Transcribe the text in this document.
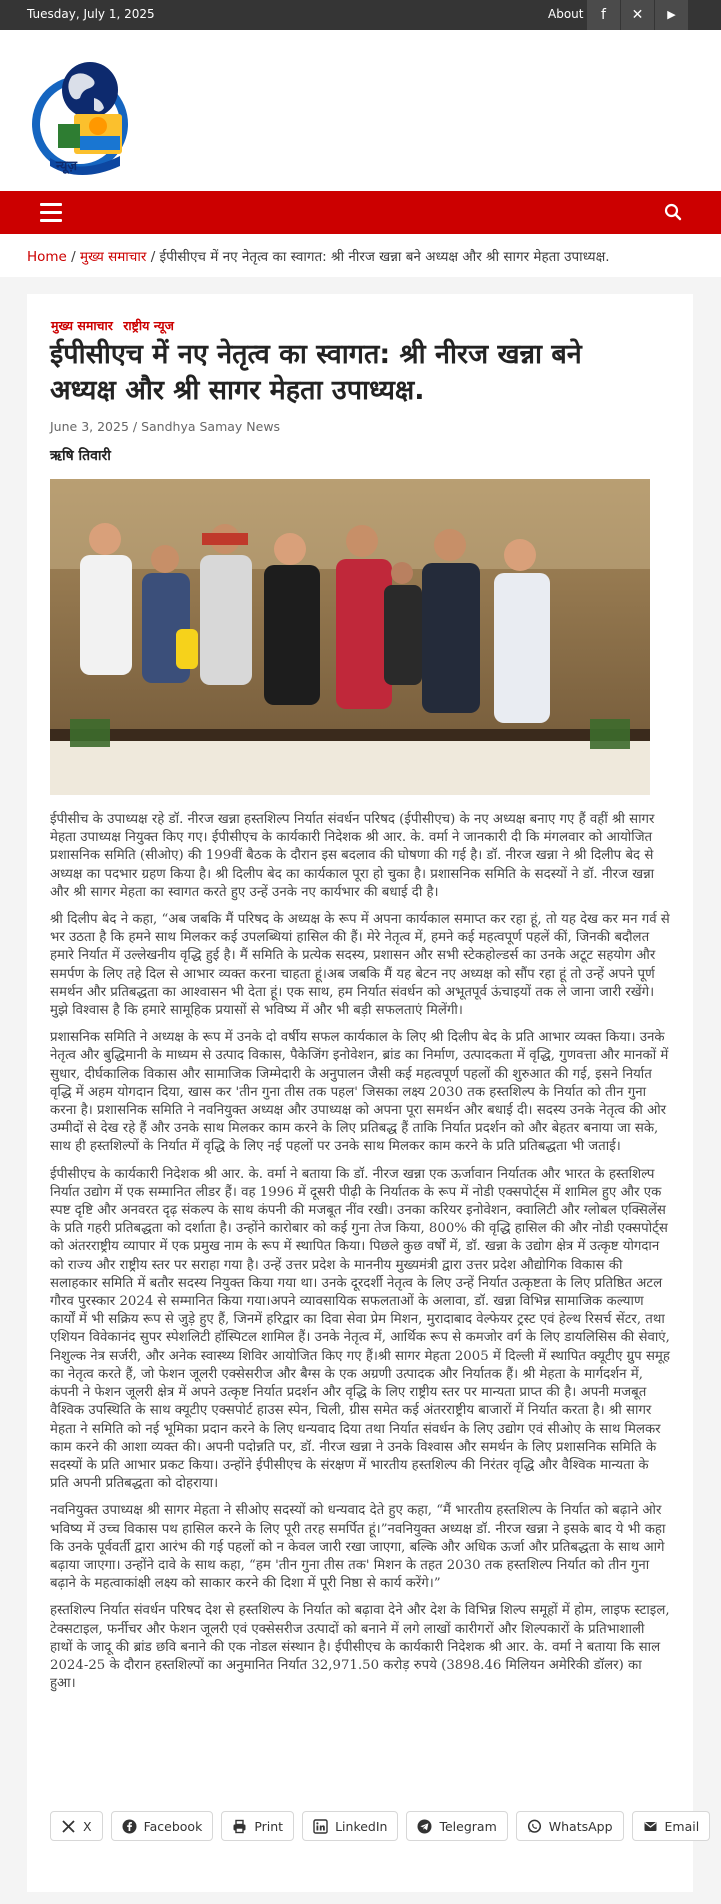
Tuesday, July 1, 2025	About	f	✕	▶
न्यूज़
Home / मुख्य समाचार / ईपीसीएच में नए नेतृत्व का स्वागत: श्री नीरज खन्ना बने अध्यक्ष और श्री सागर मेहता उपाध्यक्ष.
मुख्य समाचार राष्ट्रीय न्यूज
ईपीसीएच में नए नेतृत्व का स्वागत: श्री नीरज खन्ना बने अध्यक्ष और श्री सागर मेहता उपाध्यक्ष.
June 3, 2025 / Sandhya Samay News
ऋषि तिवारी

ईपीसीच के उपाध्यक्ष रहे डॉ. नीरज खन्ना हस्तशिल्प निर्यात संवर्धन परिषद (ईपीसीएच) के नए अध्यक्ष बनाए गए हैं वहीं श्री सागर मेहता उपाध्यक्ष नियुक्त किए गए। ईपीसीएच के कार्यकारी निदेशक श्री आर. के. वर्मा ने जानकारी दी कि मंगलवार को आयोजित प्रशासनिक समिति (सीओए) की 199वीं बैठक के दौरान इस बदलाव की घोषणा की गई है। डॉ. नीरज खन्ना ने श्री दिलीप बेद से अध्यक्ष का पदभार ग्रहण किया है। श्री दिलीप बेद का कार्यकाल पूरा हो चुका है। प्रशासनिक समिति के सदस्यों ने डॉ. नीरज खन्ना और श्री सागर मेहता का स्वागत करते हुए उन्हें उनके नए कार्यभार की बधाई दी है।

श्री दिलीप बेद ने कहा, “अब जबकि मैं परिषद के अध्यक्ष के रूप में अपना कार्यकाल समाप्त कर रहा हूं, तो यह देख कर मन गर्व से भर उठता है कि हमने साथ मिलकर कई उपलब्धियां हासिल की हैं। मेरे नेतृत्व में, हमने कई महत्वपूर्ण पहलें कीं, जिनकी बदौलत हमारे निर्यात में उल्लेखनीय वृद्धि हुई है। मैं समिति के प्रत्येक सदस्य, प्रशासन और सभी स्टेकहोल्डर्स का उनके अटूट सहयोग और समर्पण के लिए तहे दिल से आभार व्यक्त करना चाहता हूं।अब जबकि मैं यह बेटन नए अध्यक्ष को सौंप रहा हूं तो उन्हें अपने पूर्ण समर्थन और प्रतिबद्धता का आश्वासन भी देता हूं। एक साथ, हम निर्यात संवर्धन को अभूतपूर्व ऊंचाइयों तक ले जाना जारी रखेंगे। मुझे विश्वास है कि हमारे सामूहिक प्रयासों से भविष्य में और भी बड़ी सफलताएं मिलेंगी।

प्रशासनिक समिति ने अध्यक्ष के रूप में उनके दो वर्षीय सफल कार्यकाल के लिए श्री दिलीप बेद के प्रति आभार व्यक्त किया। उनके नेतृत्व और बुद्धिमानी के माध्यम से उत्पाद विकास, पैकेजिंग इनोवेशन, ब्रांड का निर्माण, उत्पादकता में वृद्धि, गुणवत्ता और मानकों में सुधार, दीर्घकालिक विकास और सामाजिक जिम्मेदारी के अनुपालन जैसी कई महत्वपूर्ण पहलों की शुरुआत की गई, इसने निर्यात वृद्धि में अहम योगदान दिया, खास कर 'तीन गुना तीस तक पहल' जिसका लक्ष्य 2030 तक हस्तशिल्प के निर्यात को तीन गुना करना है। प्रशासनिक समिति ने नवनियुक्त अध्यक्ष और उपाध्यक्ष को अपना पूरा समर्थन और बधाई दी। सदस्य उनके नेतृत्व की ओर उम्मीदों से देख रहे हैं और उनके साथ मिलकर काम करने के लिए प्रतिबद्ध हैं ताकि निर्यात प्रदर्शन को और बेहतर बनाया जा सके, साथ ही हस्तशिल्पों के निर्यात में वृद्धि के लिए नई पहलों पर उनके साथ मिलकर काम करने के प्रति प्रतिबद्धता भी जताई।

ईपीसीएच के कार्यकारी निदेशक श्री आर. के. वर्मा ने बताया कि डॉ. नीरज खन्ना एक ऊर्जावान निर्यातक और भारत के हस्तशिल्प निर्यात उद्योग में एक सम्मानित लीडर हैं। वह 1996 में दूसरी पीढ़ी के निर्यातक के रूप में नोडी एक्सपोर्ट्स में शामिल हुए और एक स्पष्ट दृष्टि और अनवरत दृढ़ संकल्प के साथ कंपनी की मजबूत नींव रखी। उनका करियर इनोवेशन, क्वालिटी और ग्लोबल एक्सिलेंस के प्रति गहरी प्रतिबद्धता को दर्शाता है। उन्होंने कारोबार को कई गुना तेज किया, 800% की वृद्धि हासिल की और नोडी एक्सपोर्ट्स को अंतरराष्ट्रीय व्यापार में एक प्रमुख नाम के रूप में स्थापित किया। पिछले कुछ वर्षों में, डॉ. खन्ना के उद्योग क्षेत्र में उत्कृष्ट योगदान को राज्य और राष्ट्रीय स्तर पर सराहा गया है। उन्हें उत्तर प्रदेश के माननीय मुख्यमंत्री द्वारा उत्तर प्रदेश औद्योगिक विकास की सलाहकार समिति में बतौर सदस्य नियुक्त किया गया था। उनके दूरदर्शी नेतृत्व के लिए उन्हें निर्यात उत्कृष्टता के लिए प्रतिष्ठित अटल गौरव पुरस्कार 2024 से सम्मानित किया गया।अपने व्यावसायिक सफलताओं के अलावा, डॉ. खन्ना विभिन्न सामाजिक कल्याण कार्यों में भी सक्रिय रूप से जुड़े हुए हैं, जिनमें हरिद्वार का दिवा सेवा प्रेम मिशन, मुरादाबाद वेल्फेयर ट्रस्ट एवं हेल्थ रिसर्च सेंटर, तथा एशियन विवेकानंद सुपर स्पेशलिटी हॉस्पिटल शामिल हैं। उनके नेतृत्व में, आर्थिक रूप से कमजोर वर्ग के लिए डायलिसिस की सेवाएं, निशुल्क नेत्र सर्जरी, और अनेक स्वास्थ्य शिविर आयोजित किए गए हैं।श्री सागर मेहता 2005 में दिल्ली में स्थापित क्यूटीए ग्रुप समूह का नेतृत्व करते हैं, जो फेशन जूलरी एक्सेसरीज और बैग्स के एक अग्रणी उत्पादक और निर्यातक हैं। श्री मेहता के मार्गदर्शन में, कंपनी ने फेशन जूलरी क्षेत्र में अपने उत्कृष्ट निर्यात प्रदर्शन और वृद्धि के लिए राष्ट्रीय स्तर पर मान्यता प्राप्त की है। अपनी मजबूत वैश्विक उपस्थिति के साथ क्यूटीए एक्सपोर्ट हाउस स्पेन, चिली, ग्रीस समेत कई अंतरराष्ट्रीय बाजारों में निर्यात करता है। श्री सागर मेहता ने समिति को नई भूमिका प्रदान करने के लिए धन्यवाद दिया तथा निर्यात संवर्धन के लिए उद्योग एवं सीओए के साथ मिलकर काम करने की आशा व्यक्त की। अपनी पदोन्नति पर, डॉ. नीरज खन्ना ने उनके विश्वास और समर्थन के लिए प्रशासनिक समिति के सदस्यों के प्रति आभार प्रकट किया। उन्होंने ईपीसीएच के संरक्षण में भारतीय हस्तशिल्प की निरंतर वृद्धि और वैश्विक मान्यता के प्रति अपनी प्रतिबद्धता को दोहराया।

नवनियुक्त उपाध्यक्ष श्री सागर मेहता ने सीओए सदस्यों को धन्यवाद देते हुए कहा, “मैं भारतीय हस्तशिल्प के निर्यात को बढ़ाने ओर भविष्य में उच्च विकास पथ हासिल करने के लिए पूरी तरह समर्पित हूं।”नवनियुक्त अध्यक्ष डॉ. नीरज खन्ना ने इसके बाद ये भी कहा कि उनके पूर्ववर्ती द्वारा आरंभ की गई पहलों को न केवल जारी रखा जाएगा, बल्कि और अधिक ऊर्जा और प्रतिबद्धता के साथ आगे बढ़ाया जाएगा। उन्होंने दावे के साथ कहा, “हम 'तीन गुना तीस तक' मिशन के तहत 2030 तक हस्तशिल्प निर्यात को तीन गुना बढ़ाने के महत्वाकांक्षी लक्ष्य को साकार करने की दिशा में पूरी निष्ठा से कार्य करेंगे।”

हस्तशिल्प निर्यात संवर्धन परिषद देश से हस्तशिल्प के निर्यात को बढ़ावा देने और देश के विभिन्न शिल्प समूहों में होम, लाइफ स्टाइल, टेक्सटाइल, फर्नीचर और फेशन जूलरी एवं एक्सेसरीज उत्पादों को बनाने में लगे लाखों कारीगरों और शिल्पकारों के प्रतिभाशाली हाथों के जादू की ब्रांड छवि बनाने की एक नोडल संस्थान है। ईपीसीएच के कार्यकारी निदेशक श्री आर. के. वर्मा ने बताया कि साल 2024-25 के दौरान हस्तशिल्पों का अनुमानित निर्यात 32,971.50 करोड़ रुपये (3898.46 मिलियन अमेरिकी डॉलर) का हुआ।

X	Facebook	Print	LinkedIn	Telegram	WhatsApp	Email
